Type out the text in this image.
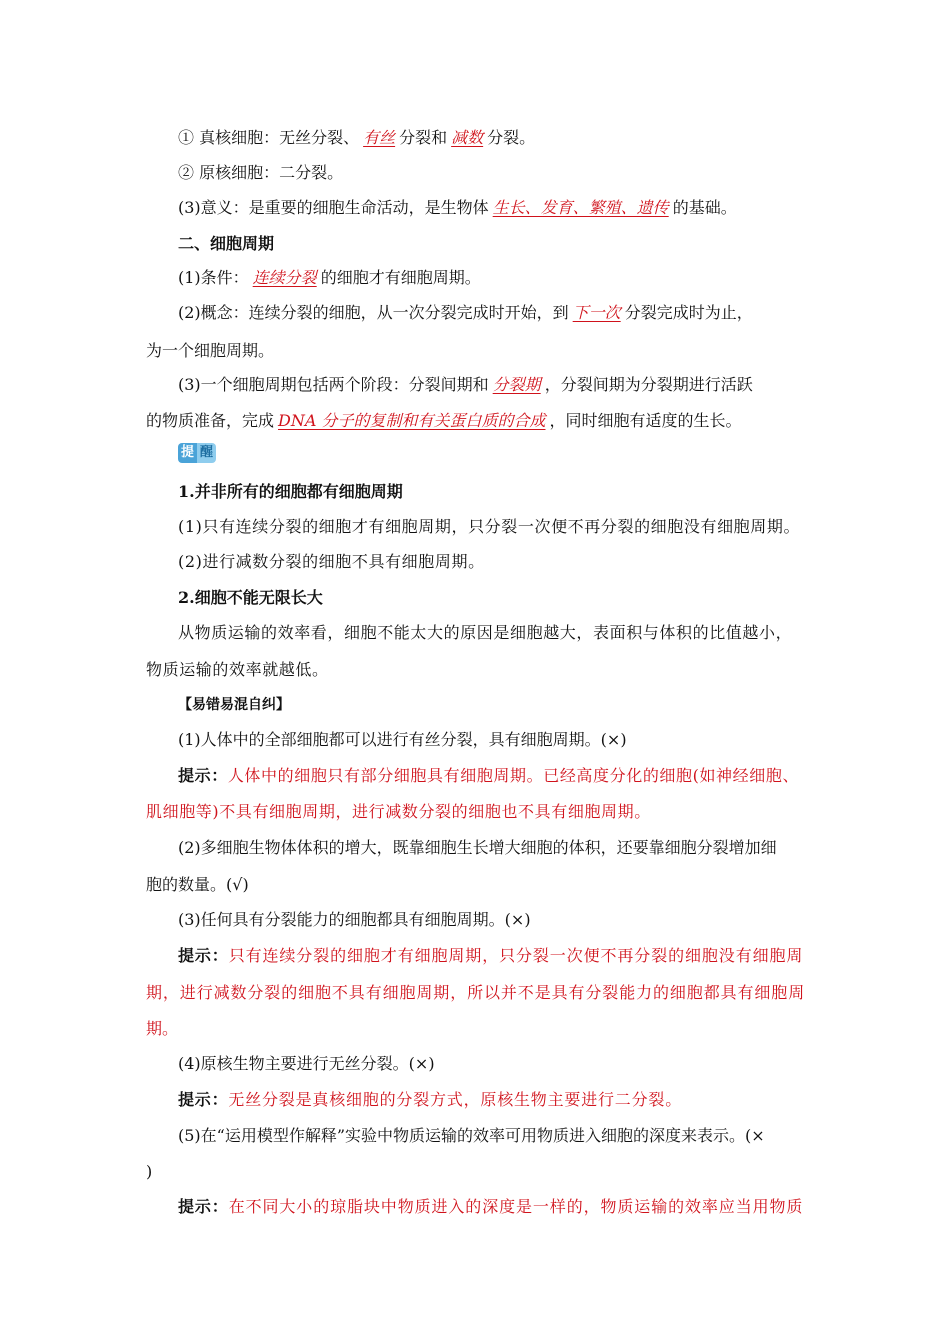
① 真核细胞：无丝分裂、 有丝 分裂和 减数 分裂。
② 原核细胞：二分裂。
(3)意义：是重要的细胞生命活动，是生物体 生长、发育、繁殖、遗传 的基础。
二、细胞周期
(1)条件： 连续分裂 的细胞才有细胞周期。
(2)概念：连续分裂的细胞，从一次分裂完成时开始，到 下一次 分裂完成时为止，
为一个细胞周期。
(3)一个细胞周期包括两个阶段：分裂间期和 分裂期 ，分裂间期为分裂期进行活跃
的物质准备，完成 DNA 分子的复制和有关蛋白质的合成 ，同时细胞有适度的生长。
提 醒
1.并非所有的细胞都有细胞周期
(1)只有连续分裂的细胞才有细胞周期，只分裂一次便不再分裂的细胞没有细胞周期。
(2)进行减数分裂的细胞不具有细胞周期。
2.细胞不能无限长大
从物质运输的效率看，细胞不能太大的原因是细胞越大，表面积与体积的比值越小，
物质运输的效率就越低。
【易错易混自纠】
(1)人体中的全部细胞都可以进行有丝分裂，具有细胞周期。(×)
提示：人体中的细胞只有部分细胞具有细胞周期。已经高度分化的细胞(如神经细胞、
肌细胞等)不具有细胞周期，进行减数分裂的细胞也不具有细胞周期。
(2)多细胞生物体体积的增大，既靠细胞生长增大细胞的体积，还要靠细胞分裂增加细
胞的数量。(√)
(3)任何具有分裂能力的细胞都具有细胞周期。(×)
提示：只有连续分裂的细胞才有细胞周期，只分裂一次便不再分裂的细胞没有细胞周
期，进行减数分裂的细胞不具有细胞周期，所以并不是具有分裂能力的细胞都具有细胞周
期。
(4)原核生物主要进行无丝分裂。(×)
提示：无丝分裂是真核细胞的分裂方式，原核生物主要进行二分裂。
(5)在“运用模型作解释”实验中物质运输的效率可用物质进入细胞的深度来表示。(×
)
提示：在不同大小的琼脂块中物质进入的深度是一样的，物质运输的效率应当用物质
